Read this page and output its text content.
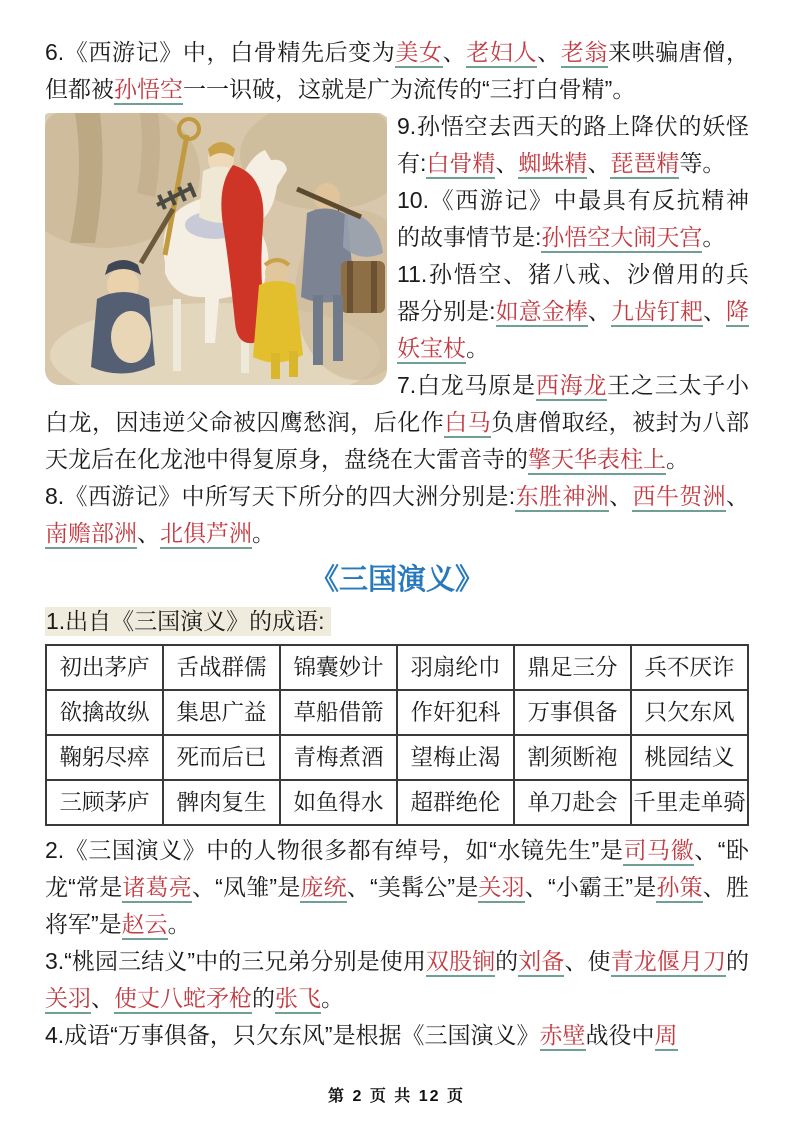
6.《西游记》中，白骨精先后变为美女、老妇人、老翁来哄骗唐僧，但都被孙悟空一一识破，这就是广为流传的“三打白骨精”。

9.孙悟空去西天的路上降伏的妖怪有:白骨精、蜘蛛精、琵琶精等。

10.《西游记》中最具有反抗精神的故事情节是:孙悟空大闹天宫。

11.孙悟空、猪八戒、沙僧用的兵器分别是:如意金棒、九齿钉耙、降妖宝杖。

7.白龙马原是西海龙王之三太子小白龙，因违逆父命被囚鹰愁润，后化作白马负唐僧取经，被封为八部天龙后在化龙池中得复原身，盘绕在大雷音寺的擎天华表柱上。

8.《西游记》中所写天下所分的四大洲分别是:东胜神洲、西牛贺洲、南赡部洲、北俱芦洲。

《三国演义》

1.出自《三国演义》的成语:

初出茅庐	舌战群儒	锦囊妙计	羽扇纶巾	鼎足三分	兵不厌诈
欲擒故纵	集思广益	草船借箭	作奸犯科	万事俱备	只欠东风
鞠躬尽瘁	死而后已	青梅煮酒	望梅止渴	割须断袍	桃园结义
三顾茅庐	髀肉复生	如鱼得水	超群绝伦	单刀赴会	千里走单骑

2.《三国演义》中的人物很多都有绰号，如“水镜先生”是司马徽、“卧龙“常是诸葛亮、“凤雏”是庞统、“美髯公”是关羽、“小霸王”是孙策、胜将军”是赵云。

3.“桃园三结义”中的三兄弟分别是使用双股锏的刘备、使青龙偃月刀的关羽、使丈八蛇矛枪的张飞。

4.成语“万事俱备，只欠东风”是根据《三国演义》赤壁战役中周

第 2 页 共 12 页
